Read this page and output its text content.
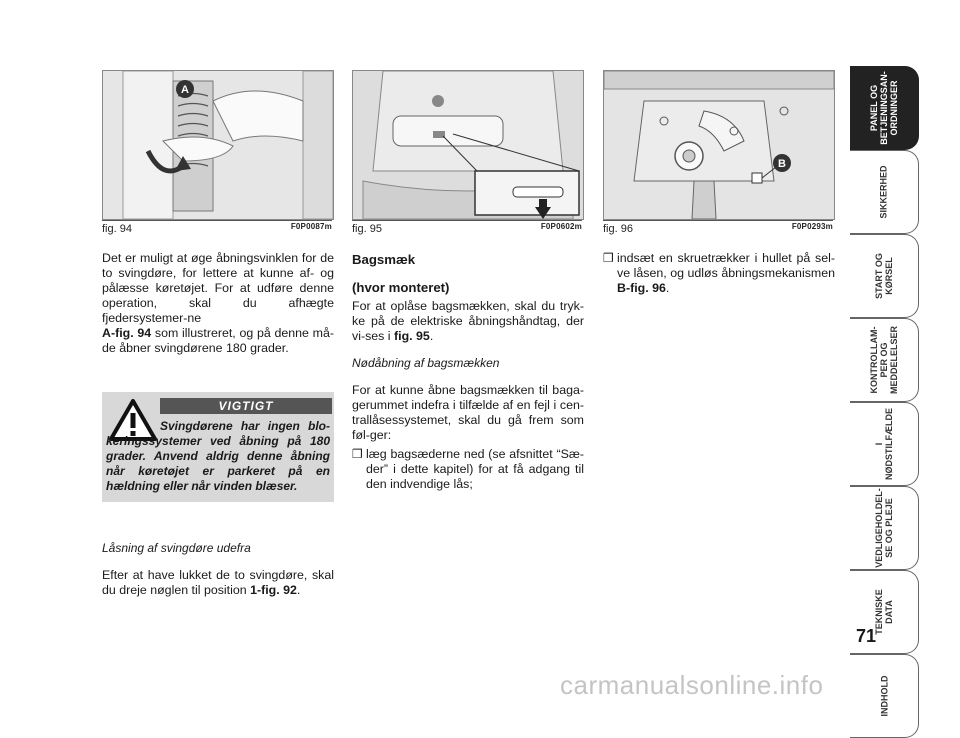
A
fig. 94	F0P0087m fig. 95	F0P0602m
B
fig. 96	F0P0293m

Det er muligt at øge åbningsvinklen for de to svingdøre, for lettere at kunne af- og pålæsse køretøjet. For at udføre denne operation, skal du afhægte fjedersystemer-ne
A-fig. 94 som illustreret, og på denne må-de åbner svingdørene 180 grader.

VIGTIGT
Svingdørene har ingen blo-keringssystemer ved åbning på 180 grader. Anvend aldrig denne åbning når køretøjet er parkeret på en hældning eller når vinden blæser.

Låsning af svingdøre udefra

Efter at have lukket de to svingdøre, skal du dreje nøglen til position 1-fig. 92.

Bagsmæk

(hvor monteret)

For at oplåse bagsmækken, skal du tryk-ke på de elektriske åbningshåndtag, der vi-ses i fig. 95.

Nødåbning af bagsmækken

For at kunne åbne bagsmækken til baga-gerummet indefra i tilfælde af en fejl i cen-trallåsessystemet, skal du gå frem som føl-ger:

❒ læg bagsæderne ned (se afsnittet “Sæ-der” i dette kapitel) for at få adgang til den indvendige lås;

❒ indsæt en skruetrækker i hullet på sel-ve låsen, og udløs åbningsmekanismen B-fig. 96.

PANEL OG
BETJENINGSAN-
ORDNINGER
SIKKERHED
START OG
KØRSEL
KONTROLLAM-
PER OG
MEDDELELSER
I
NØDSTILFÆLDE
VEDLIGEHOLDEL-
SE OG PLEJE
TEKNISKE
DATA
INDHOLD
71
carmanualsonline.info
